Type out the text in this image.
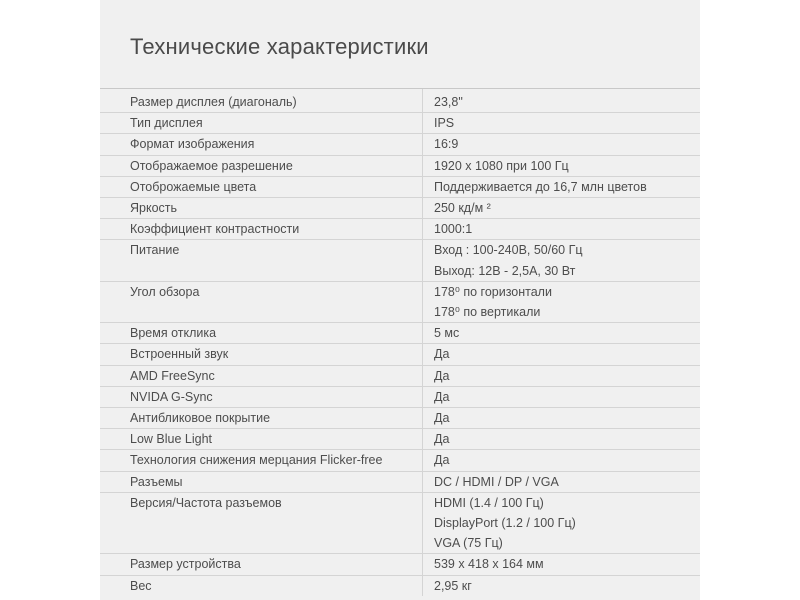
Технические характеристики
Размер дисплея (диагональ)	23,8"
Тип дисплея	IPS
Формат изображения	16:9
Отображаемое разрешение	1920 x 1080 при 100 Гц
Отоброжаемые цвета	Поддерживается до 16,7 млн цветов
Яркость	250 кд/м ²
Коэффициент контрастности	1000:1
Питание	Вход : 100-240В, 50/60 Гц
Выход: 12В - 2,5А, 30 Вт
Угол обзора	178⁰ по горизонтали
178⁰ по вертикали
Время отклика	5 мс
Встроенный звук	Да
AMD FreeSync	Да
NVIDA G-Sync	Да
Антибликовое покрытие	Да
Low Blue Light	Да
Технология снижения мерцания Flicker-free	Да
Разъемы	DC / HDMI / DP / VGA
Версия/Частота разъемов	HDMI (1.4 / 100 Гц)
DisplayPort (1.2 / 100 Гц)
VGA (75 Гц)
Размер устройства	539 x 418 x 164 мм
Вес	2,95 кг
